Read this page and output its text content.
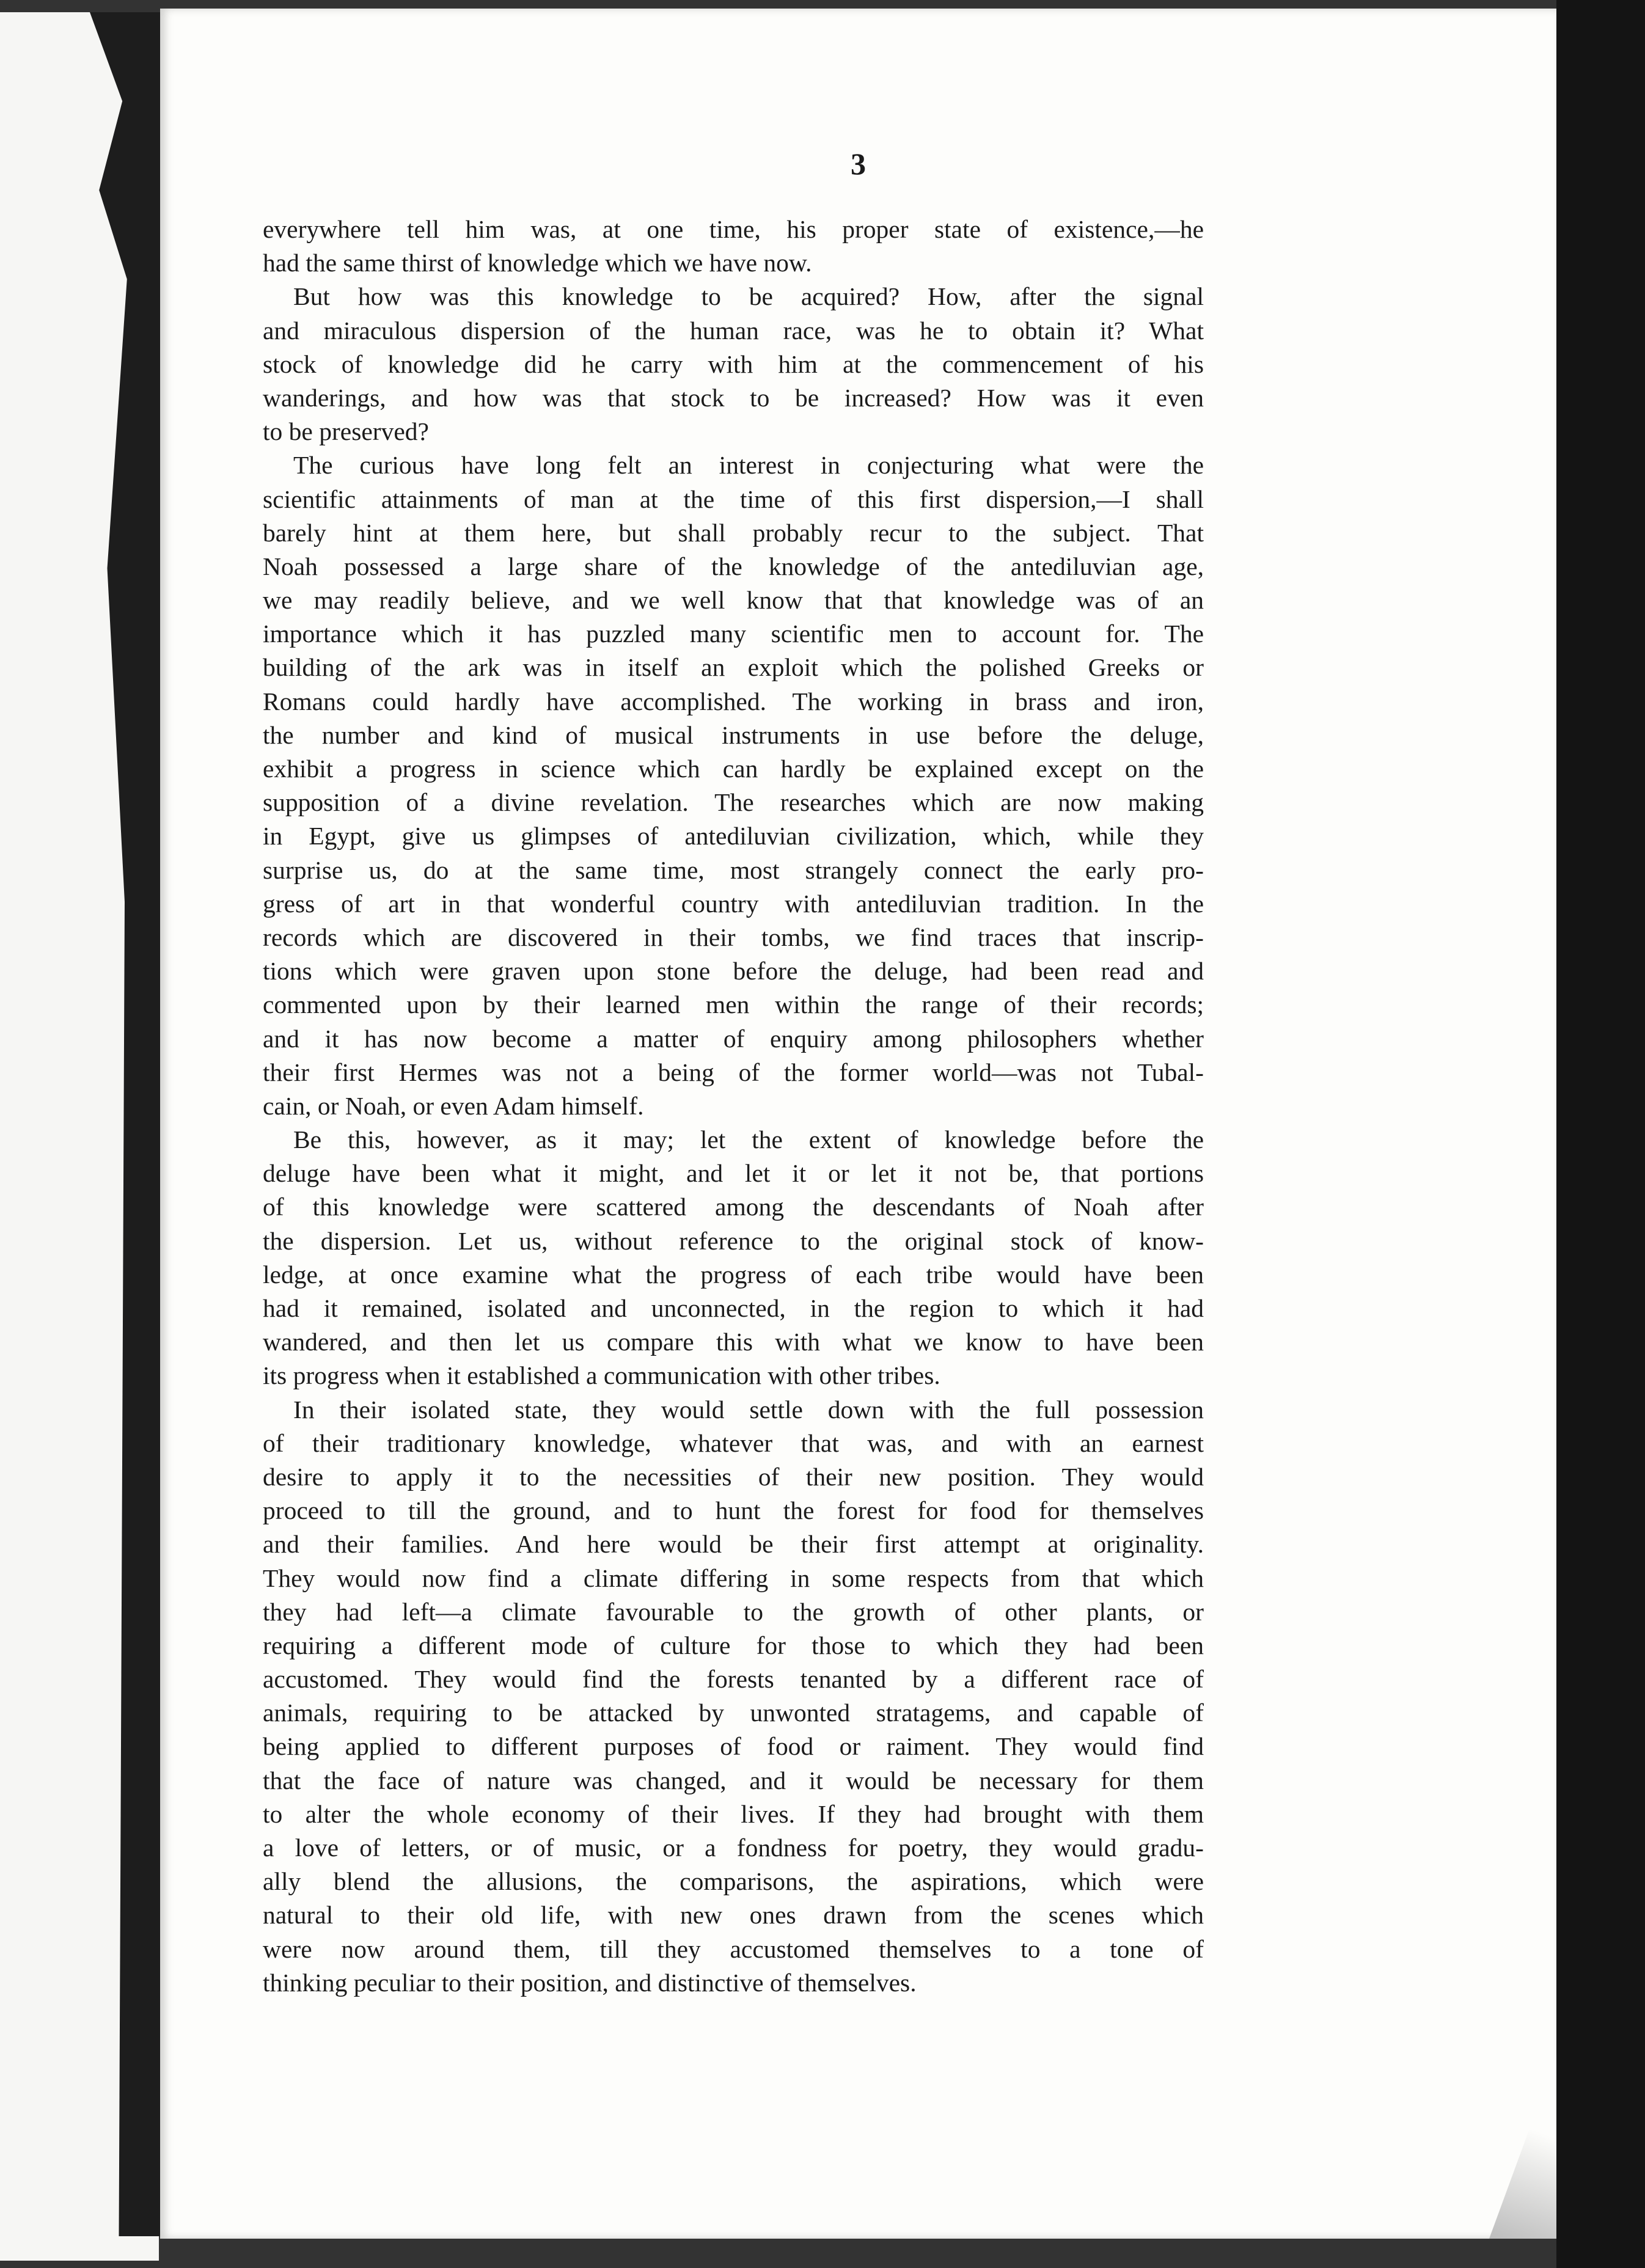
3
everywhere tell him was, at one time, his proper state of existence,—he
had the same thirst of knowledge which we have now.
But how was this knowledge to be acquired? How, after the signal
and miraculous dispersion of the human race, was he to obtain it? What
stock of knowledge did he carry with him at the commencement of his
wanderings, and how was that stock to be increased? How was it even
to be preserved?
The curious have long felt an interest in conjecturing what were the
scientific attainments of man at the time of this first dispersion,—I shall
barely hint at them here, but shall probably recur to the subject. That
Noah possessed a large share of the knowledge of the antediluvian age,
we may readily believe, and we well know that that knowledge was of an
importance which it has puzzled many scientific men to account for. The
building of the ark was in itself an exploit which the polished Greeks or
Romans could hardly have accomplished. The working in brass and iron,
the number and kind of musical instruments in use before the deluge,
exhibit a progress in science which can hardly be explained except on the
supposition of a divine revelation. The researches which are now making
in Egypt, give us glimpses of antediluvian civilization, which, while they
surprise us, do at the same time, most strangely connect the early pro-
gress of art in that wonderful country with antediluvian tradition. In the
records which are discovered in their tombs, we find traces that inscrip-
tions which were graven upon stone before the deluge, had been read and
commented upon by their learned men within the range of their records;
and it has now become a matter of enquiry among philosophers whether
their first Hermes was not a being of the former world—was not Tubal-
cain, or Noah, or even Adam himself.
Be this, however, as it may; let the extent of knowledge before the
deluge have been what it might, and let it or let it not be, that portions
of this knowledge were scattered among the descendants of Noah after
the dispersion. Let us, without reference to the original stock of know-
ledge, at once examine what the progress of each tribe would have been
had it remained, isolated and unconnected, in the region to which it had
wandered, and then let us compare this with what we know to have been
its progress when it established a communication with other tribes.
In their isolated state, they would settle down with the full possession
of their traditionary knowledge, whatever that was, and with an earnest
desire to apply it to the necessities of their new position. They would
proceed to till the ground, and to hunt the forest for food for themselves
and their families. And here would be their first attempt at originality.
They would now find a climate differing in some respects from that which
they had left—a climate favourable to the growth of other plants, or
requiring a different mode of culture for those to which they had been
accustomed. They would find the forests tenanted by a different race of
animals, requiring to be attacked by unwonted stratagems, and capable of
being applied to different purposes of food or raiment. They would find
that the face of nature was changed, and it would be necessary for them
to alter the whole economy of their lives. If they had brought with them
a love of letters, or of music, or a fondness for poetry, they would gradu-
ally blend the allusions, the comparisons, the aspirations, which were
natural to their old life, with new ones drawn from the scenes which
were now around them, till they accustomed themselves to a tone of
thinking peculiar to their position, and distinctive of themselves.
